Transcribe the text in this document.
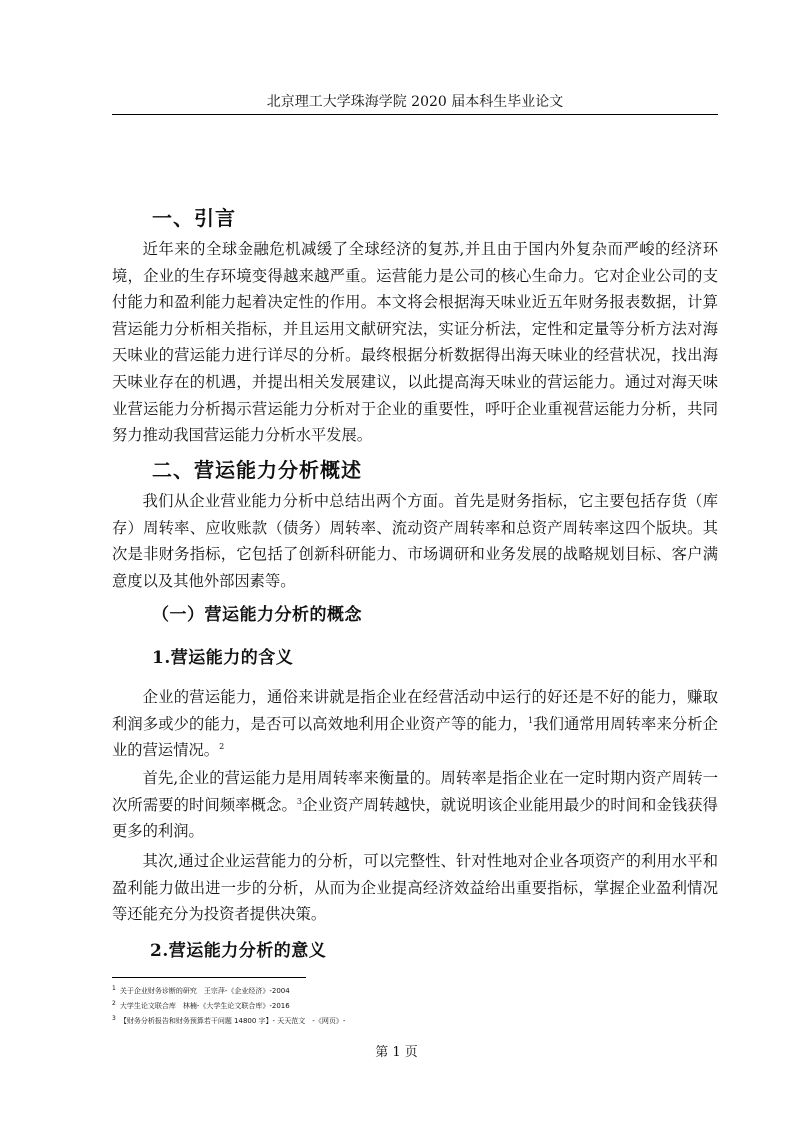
北京理工大学珠海学院 2020 届本科生毕业论文
一、引言

近年来的全球金融危机减缓了全球经济的复苏,并且由于国内外复杂而严峻的经济环境，企业的生存环境变得越来越严重。运营能力是公司的核心生命力。它对企业公司的支付能力和盈利能力起着决定性的作用。本文将会根据海天味业近五年财务报表数据，计算营运能力分析相关指标，并且运用文献研究法，实证分析法，定性和定量等分析方法对海天味业的营运能力进行详尽的分析。最终根据分析数据得出海天味业的经营状况，找出海天味业存在的机遇，并提出相关发展建议，以此提高海天味业的营运能力。通过对海天味业营运能力分析揭示营运能力分析对于企业的重要性，呼吁企业重视营运能力分析，共同努力推动我国营运能力分析水平发展。

二、营运能力分析概述

我们从企业营业能力分析中总结出两个方面。首先是财务指标，它主要包括存货（库存）周转率、应收账款（债务）周转率、流动资产周转率和总资产周转率这四个版块。其次是非财务指标，它包括了创新科研能力、市场调研和业务发展的战略规划目标、客户满意度以及其他外部因素等。

（一）营运能力分析的概念
1.营运能力的含义

企业的营运能力，通俗来讲就是指企业在经营活动中运行的好还是不好的能力，赚取利润多或少的能力，是否可以高效地利用企业资产等的能力，$^1$我们通常用周转率来分析企业的营运情况。$^2$

首先,企业的营运能力是用周转率来衡量的。周转率是指企业在一定时期内资产周转一次所需要的时间频率概念。$^3$企业资产周转越快，就说明该企业能用最少的时间和金钱获得更多的利润。

其次,通过企业运营能力的分析，可以完整性、针对性地对企业各项资产的利用水平和盈利能力做出进一步的分析，从而为企业提高经济效益给出重要指标，掌握企业盈利情况等还能充分为投资者提供决策。

2.营运能力分析的意义
$^1$ 关于企业财务诊断的研究　王宗萍-《企业经济》-2004
$^2$ 大学生论文联合库　林楠-《大学生论文联合库》-2016
$^3$ 【财务分析报告和财务预算若干问题 14800 字】- 天天范文　-《网页》-
第 1 页
